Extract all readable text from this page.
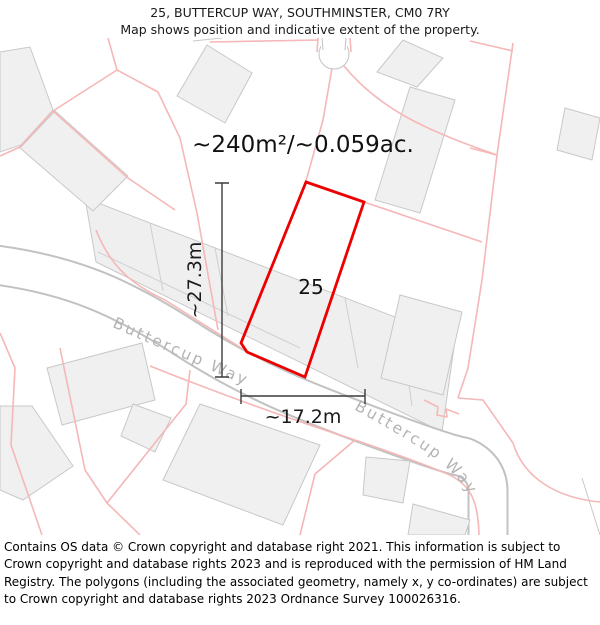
25, BUTTERCUP WAY, SOUTHMINSTER, CM0 7RY
Map shows position and indicative extent of the property.
Buttercup Way
Buttercup Way
~27.3m
~17.2m
~240m²/~0.059ac.
25
Contains OS data © Crown copyright and database right 2021. This information is subject to Crown copyright and database rights 2023 and is reproduced with the permission of HM Land Registry. The polygons (including the associated geometry, namely x, y co-ordinates) are subject to Crown copyright and database rights 2023 Ordnance Survey 100026316.
